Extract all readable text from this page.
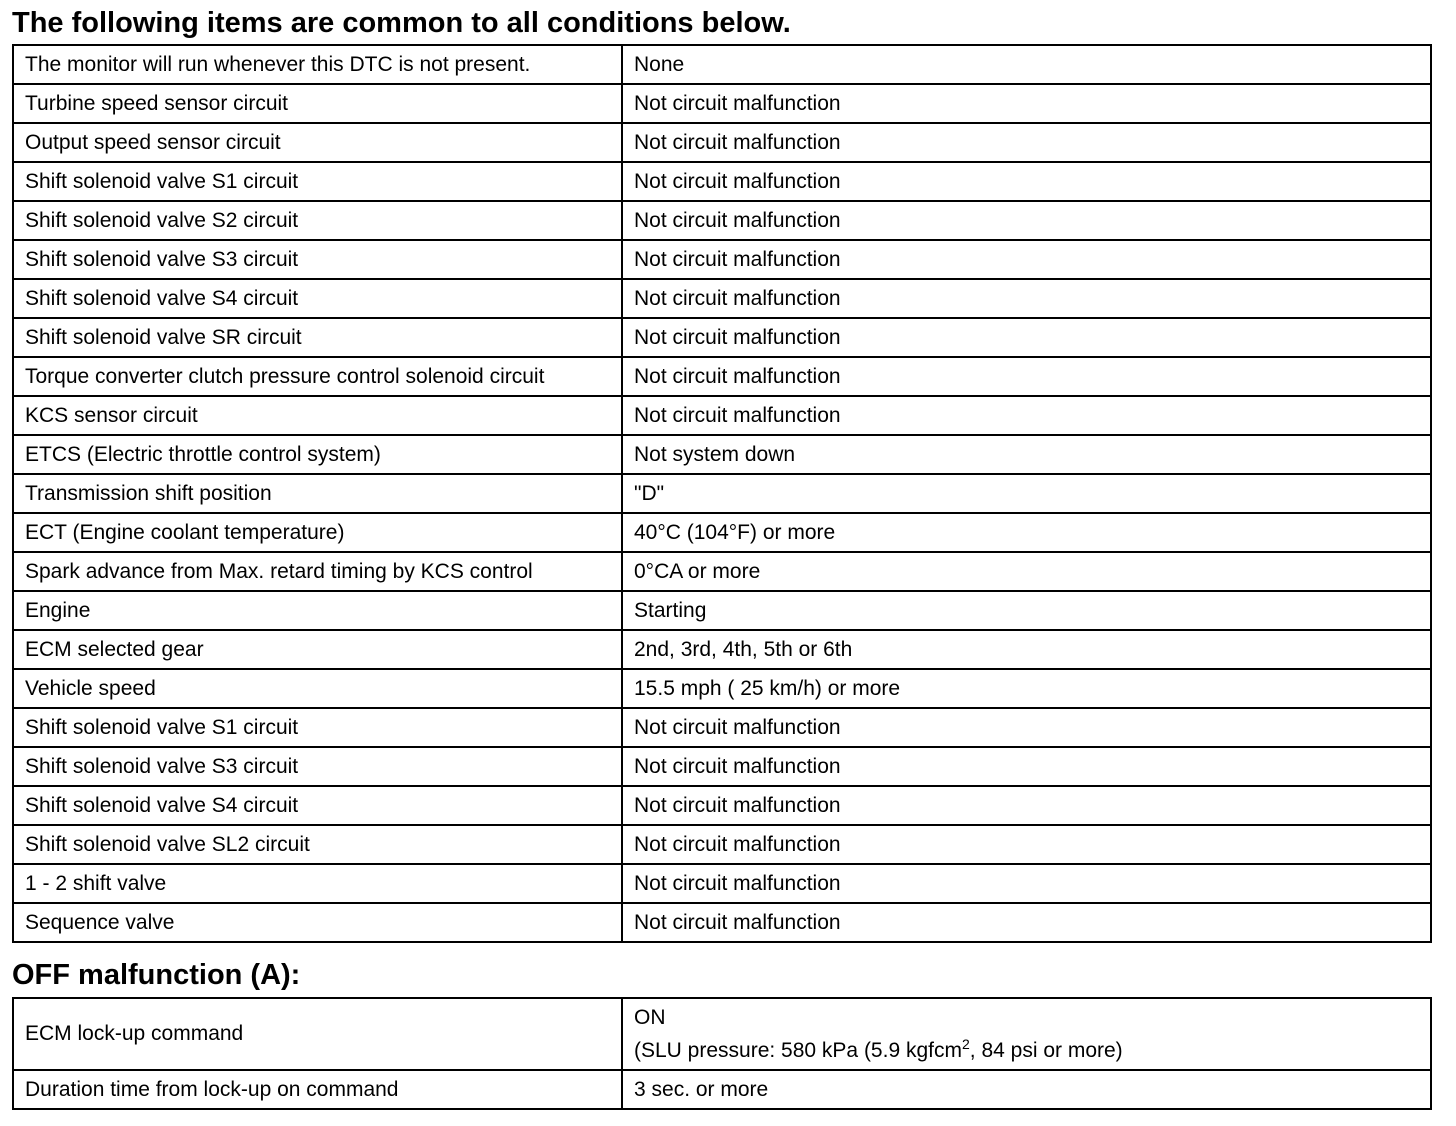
The following items are common to all conditions below.
The monitor will run whenever this DTC is not present.	None
Turbine speed sensor circuit	Not circuit malfunction
Output speed sensor circuit	Not circuit malfunction
Shift solenoid valve S1 circuit	Not circuit malfunction
Shift solenoid valve S2 circuit	Not circuit malfunction
Shift solenoid valve S3 circuit	Not circuit malfunction
Shift solenoid valve S4 circuit	Not circuit malfunction
Shift solenoid valve SR circuit	Not circuit malfunction
Torque converter clutch pressure control solenoid circuit	Not circuit malfunction
KCS sensor circuit	Not circuit malfunction
ETCS (Electric throttle control system)	Not system down
Transmission shift position	"D"
ECT (Engine coolant temperature)	40°C (104°F) or more
Spark advance from Max. retard timing by KCS control	0°CA or more
Engine	Starting
ECM selected gear	2nd, 3rd, 4th, 5th or 6th
Vehicle speed	15.5 mph ( 25 km/h) or more
Shift solenoid valve S1 circuit	Not circuit malfunction
Shift solenoid valve S3 circuit	Not circuit malfunction
Shift solenoid valve S4 circuit	Not circuit malfunction
Shift solenoid valve SL2 circuit	Not circuit malfunction
1 - 2 shift valve	Not circuit malfunction
Sequence valve	Not circuit malfunction
OFF malfunction (A):
ECM lock-up command	ON
(SLU pressure: 580 kPa (5.9 kgfcm$^2$, 84 psi or more)

Duration time from lock-up on command	3 sec. or more
